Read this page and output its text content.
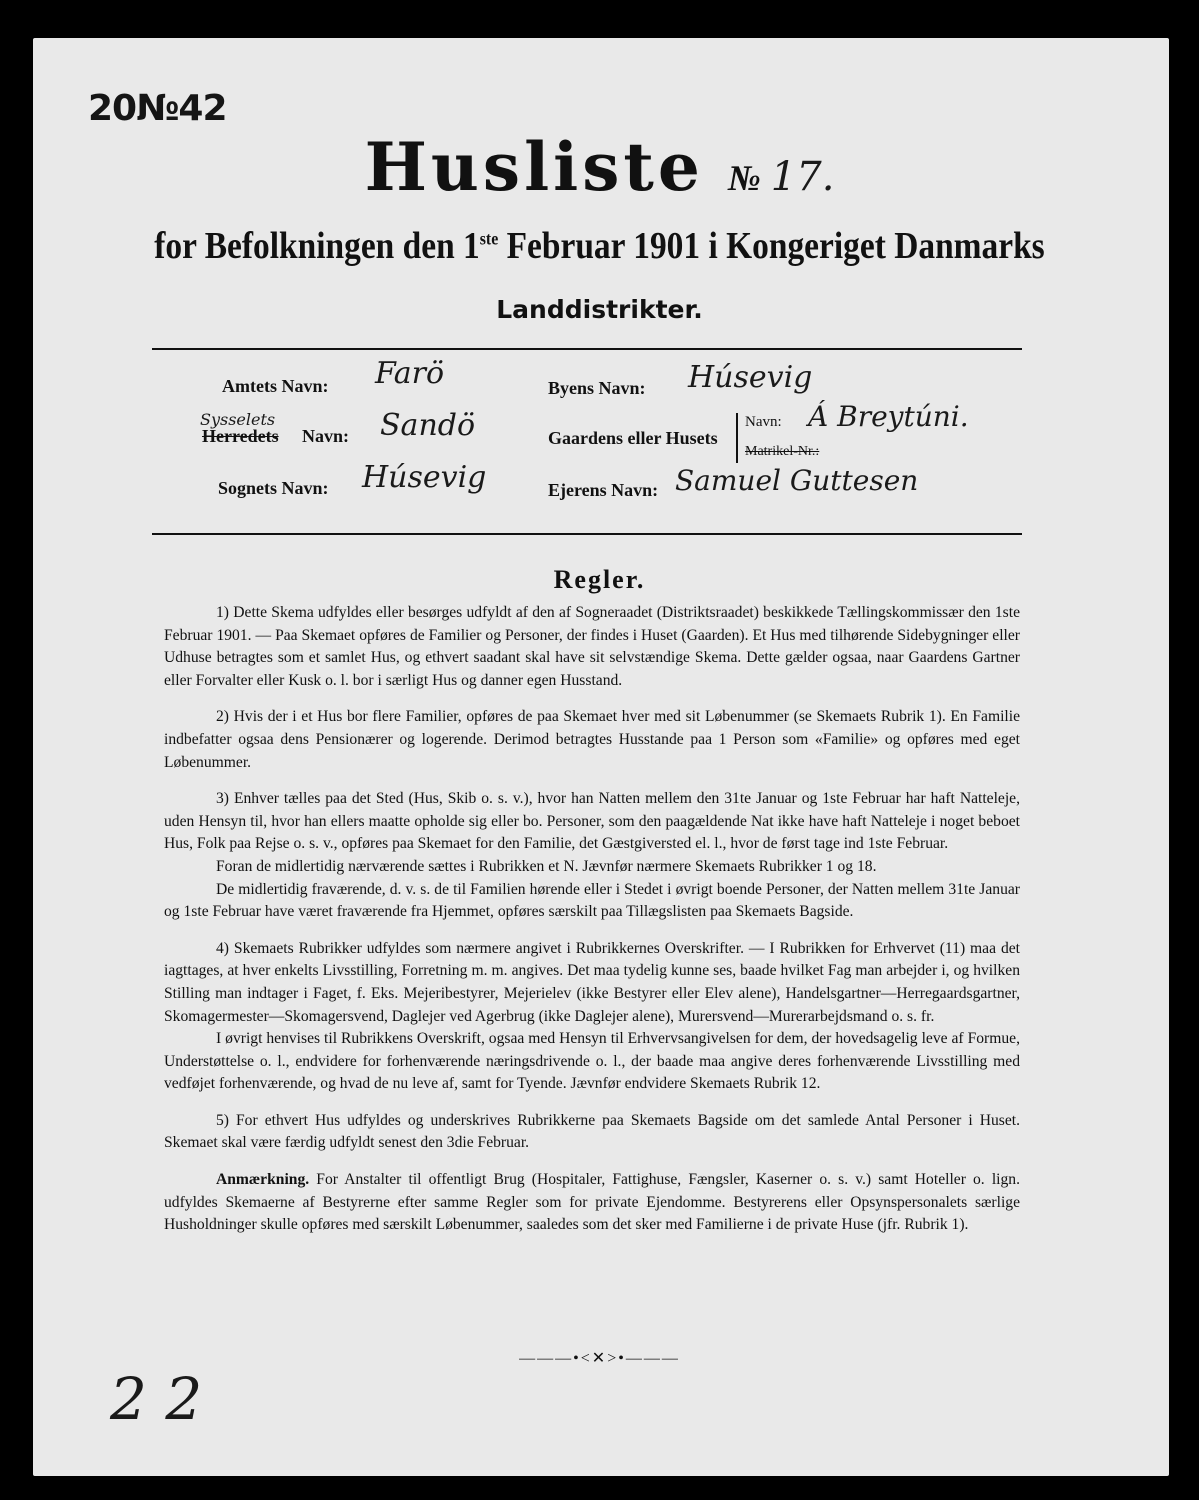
20№42
Husliste № 17.
for Befolkningen den 1ste Februar 1901 i Kongeriget Danmarks
Landdistrikter.
Amtets Navn: Farö
Sysselets
Herredets Navn: Sandö
Sognets Navn: Húsevig
Byens Navn: Húsevig
Gaardens eller Husets
Navn: Á Breytúni.
Matrikel-Nr.:
Ejerens Navn: Samuel Guttesen
Regler.

1) Dette Skema udfyldes eller besørges udfyldt af den af Sogneraadet (Distriktsraadet) beskikkede Tællingskommissær den 1ste Februar 1901. — Paa Skemaet opføres de Familier og Personer, der findes i Huset (Gaarden). Et Hus med tilhørende Sidebygninger eller Udhuse betragtes som et samlet Hus, og ethvert saadant skal have sit selvstændige Skema. Dette gælder ogsaa, naar Gaardens Gartner eller Forvalter eller Kusk o. l. bor i særligt Hus og danner egen Husstand.

2) Hvis der i et Hus bor flere Familier, opføres de paa Skemaet hver med sit Løbenummer (se Skemaets Rubrik 1). En Familie indbefatter ogsaa dens Pensionærer og logerende. Derimod betragtes Husstande paa 1 Person som «Familie» og opføres med eget Løbenummer.

3) Enhver tælles paa det Sted (Hus, Skib o. s. v.), hvor han Natten mellem den 31te Januar og 1ste Februar har haft Natteleje, uden Hensyn til, hvor han ellers maatte opholde sig eller bo. Personer, som den paagældende Nat ikke have haft Natteleje i noget beboet Hus, Folk paa Rejse o. s. v., opføres paa Skemaet for den Familie, det Gæstgiversted el. l., hvor de først tage ind 1ste Februar.

Foran de midlertidig nærværende sættes i Rubrikken et N. Jævnfør nærmere Skemaets Rubrikker 1 og 18.

De midlertidig fraværende, d. v. s. de til Familien hørende eller i Stedet i øvrigt boende Personer, der Natten mellem 31te Januar og 1ste Februar have været fraværende fra Hjemmet, opføres særskilt paa Tillægslisten paa Skemaets Bagside.

4) Skemaets Rubrikker udfyldes som nærmere angivet i Rubrikkernes Overskrifter. — I Rubrikken for Erhvervet (11) maa det iagttages, at hver enkelts Livsstilling, Forretning m. m. angives. Det maa tydelig kunne ses, baade hvilket Fag man arbejder i, og hvilken Stilling man indtager i Faget, f. Eks. Mejeribestyrer, Mejerielev (ikke Bestyrer eller Elev alene), Handelsgartner—Herregaardsgartner, Skomagermester—Skomagersvend, Daglejer ved Agerbrug (ikke Daglejer alene), Murersvend—Murerarbejdsmand o. s. fr.

I øvrigt henvises til Rubrikkens Overskrift, ogsaa med Hensyn til Erhvervsangivelsen for dem, der hovedsagelig leve af Formue, Understøttelse o. l., endvidere for forhenværende næringsdrivende o. l., der baade maa angive deres forhenværende Livsstilling med vedføjet forhenværende, og hvad de nu leve af, samt for Tyende. Jævnfør endvidere Skemaets Rubrik 12.

5) For ethvert Hus udfyldes og underskrives Rubrikkerne paa Skemaets Bagside om det samlede Antal Personer i Huset. Skemaet skal være færdig udfyldt senest den 3die Februar.

Anmærkning. For Anstalter til offentligt Brug (Hospitaler, Fattighuse, Fængsler, Kaserner o. s. v.) samt Hoteller o. lign. udfyldes Skemaerne af Bestyrerne efter samme Regler som for private Ejendomme. Bestyrerens eller Opsynspersonalets særlige Husholdninger skulle opføres med særskilt Løbenummer, saaledes som det sker med Familierne i de private Huse (jfr. Rubrik 1).

———•<✕>•———
2 2
